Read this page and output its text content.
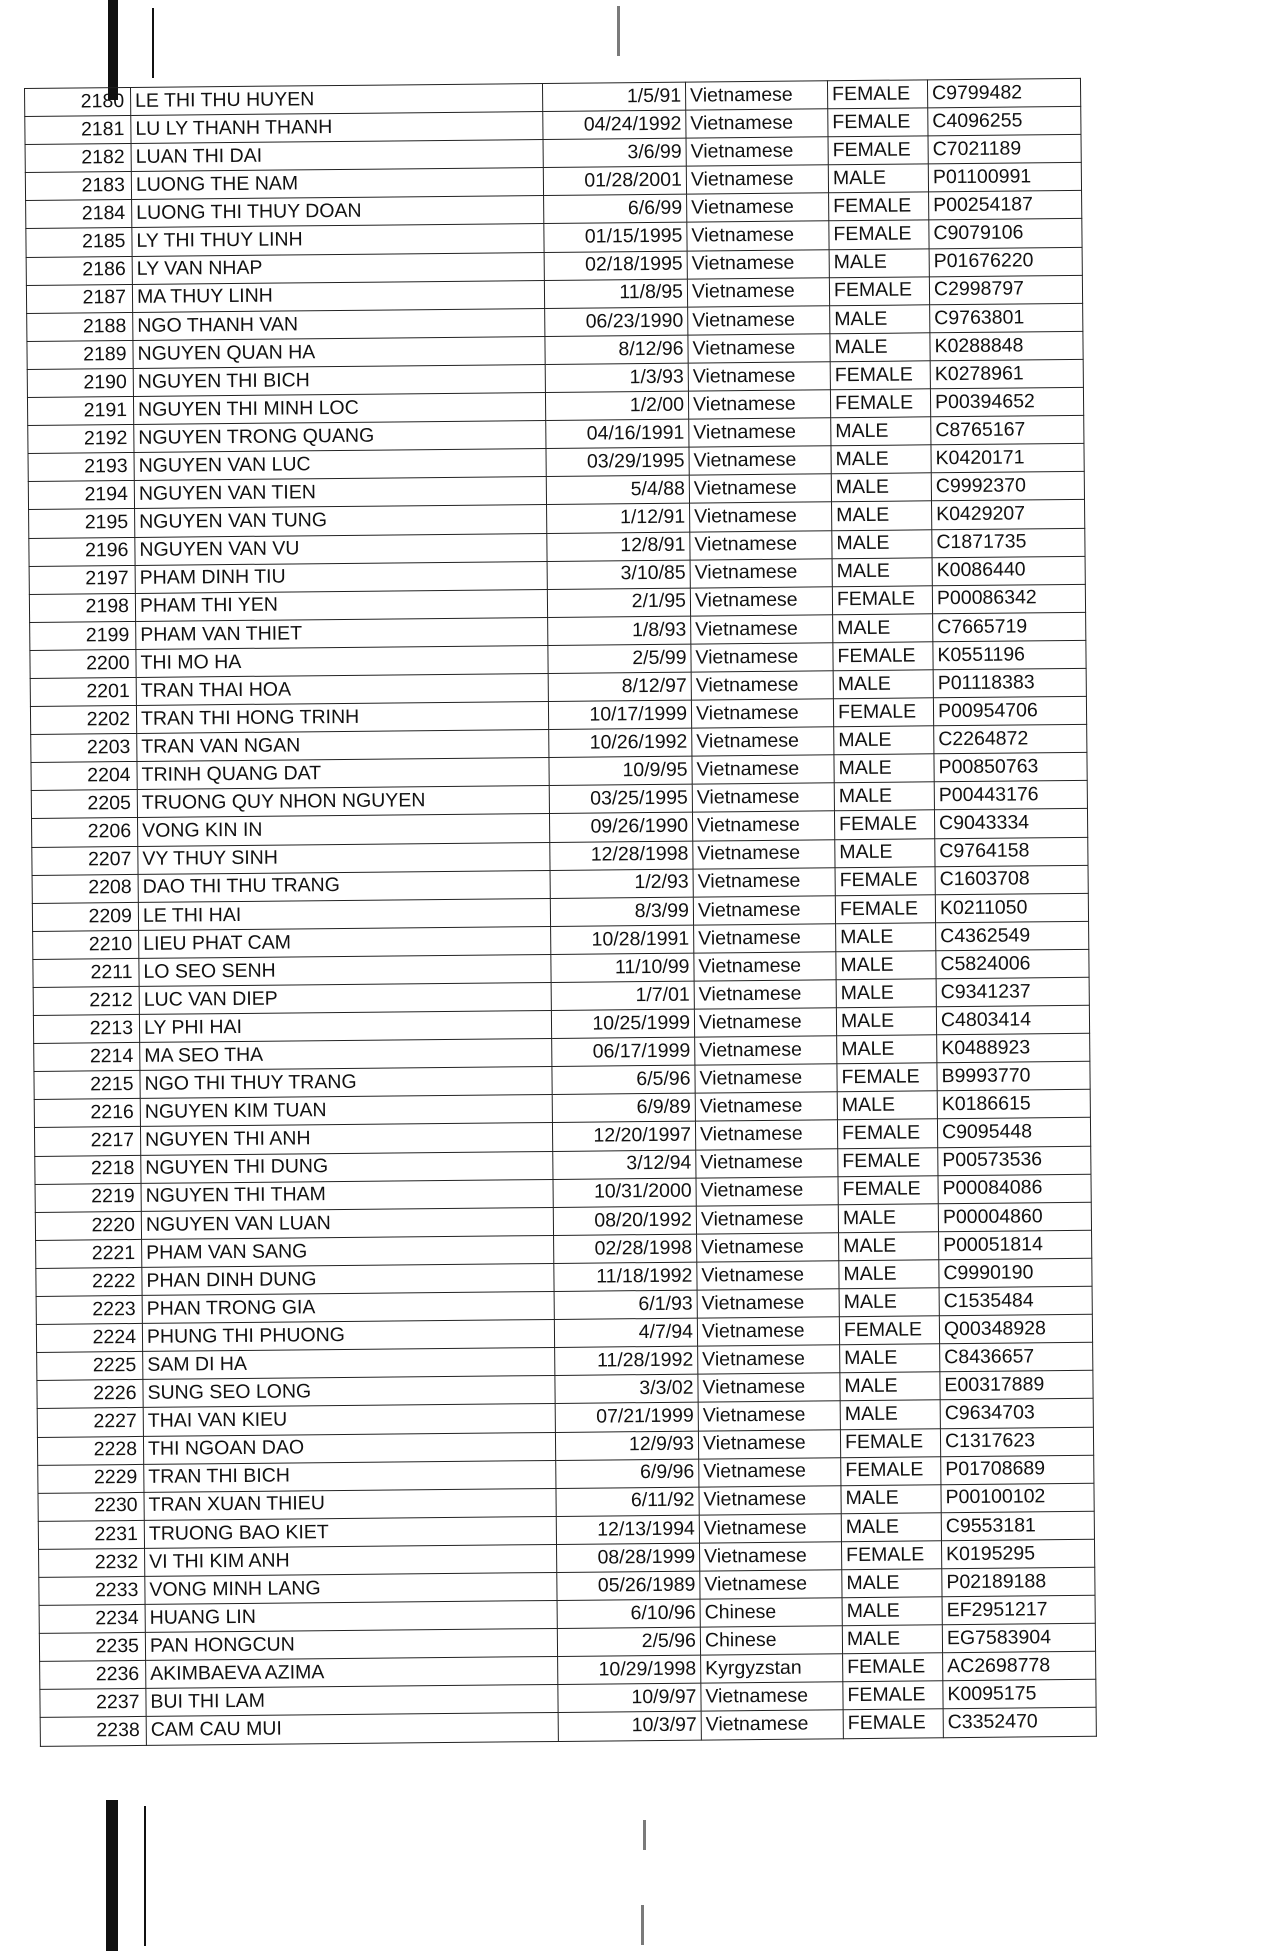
2180	LE THI THU HUYEN	1/5/91	Vietnamese	FEMALE	C9799482
2181	LU LY THANH THANH	04/24/1992	Vietnamese	FEMALE	C4096255
2182	LUAN THI DAI	3/6/99	Vietnamese	FEMALE	C7021189
2183	LUONG THE NAM	01/28/2001	Vietnamese	MALE	P01100991
2184	LUONG THI THUY DOAN	6/6/99	Vietnamese	FEMALE	P00254187
2185	LY THI THUY LINH	01/15/1995	Vietnamese	FEMALE	C9079106
2186	LY VAN NHAP	02/18/1995	Vietnamese	MALE	P01676220
2187	MA THUY LINH	11/8/95	Vietnamese	FEMALE	C2998797
2188	NGO THANH VAN	06/23/1990	Vietnamese	MALE	C9763801
2189	NGUYEN QUAN HA	8/12/96	Vietnamese	MALE	K0288848
2190	NGUYEN THI BICH	1/3/93	Vietnamese	FEMALE	K0278961
2191	NGUYEN THI MINH LOC	1/2/00	Vietnamese	FEMALE	P00394652
2192	NGUYEN TRONG QUANG	04/16/1991	Vietnamese	MALE	C8765167
2193	NGUYEN VAN LUC	03/29/1995	Vietnamese	MALE	K0420171
2194	NGUYEN VAN TIEN	5/4/88	Vietnamese	MALE	C9992370
2195	NGUYEN VAN TUNG	1/12/91	Vietnamese	MALE	K0429207
2196	NGUYEN VAN VU	12/8/91	Vietnamese	MALE	C1871735
2197	PHAM DINH TIU	3/10/85	Vietnamese	MALE	K0086440
2198	PHAM THI YEN	2/1/95	Vietnamese	FEMALE	P00086342
2199	PHAM VAN THIET	1/8/93	Vietnamese	MALE	C7665719
2200	THI MO HA	2/5/99	Vietnamese	FEMALE	K0551196
2201	TRAN THAI HOA	8/12/97	Vietnamese	MALE	P01118383
2202	TRAN THI HONG TRINH	10/17/1999	Vietnamese	FEMALE	P00954706
2203	TRAN VAN NGAN	10/26/1992	Vietnamese	MALE	C2264872
2204	TRINH QUANG DAT	10/9/95	Vietnamese	MALE	P00850763
2205	TRUONG QUY NHON NGUYEN	03/25/1995	Vietnamese	MALE	P00443176
2206	VONG KIN IN	09/26/1990	Vietnamese	FEMALE	C9043334
2207	VY THUY SINH	12/28/1998	Vietnamese	MALE	C9764158
2208	DAO THI THU TRANG	1/2/93	Vietnamese	FEMALE	C1603708
2209	LE THI HAI	8/3/99	Vietnamese	FEMALE	K0211050
2210	LIEU PHAT CAM	10/28/1991	Vietnamese	MALE	C4362549
2211	LO SEO SENH	11/10/99	Vietnamese	MALE	C5824006
2212	LUC VAN DIEP	1/7/01	Vietnamese	MALE	C9341237
2213	LY PHI HAI	10/25/1999	Vietnamese	MALE	C4803414
2214	MA SEO THA	06/17/1999	Vietnamese	MALE	K0488923
2215	NGO THI THUY TRANG	6/5/96	Vietnamese	FEMALE	B9993770
2216	NGUYEN KIM TUAN	6/9/89	Vietnamese	MALE	K0186615
2217	NGUYEN THI ANH	12/20/1997	Vietnamese	FEMALE	C9095448
2218	NGUYEN THI DUNG	3/12/94	Vietnamese	FEMALE	P00573536
2219	NGUYEN THI THAM	10/31/2000	Vietnamese	FEMALE	P00084086
2220	NGUYEN VAN LUAN	08/20/1992	Vietnamese	MALE	P00004860
2221	PHAM VAN SANG	02/28/1998	Vietnamese	MALE	P00051814
2222	PHAN DINH DUNG	11/18/1992	Vietnamese	MALE	C9990190
2223	PHAN TRONG GIA	6/1/93	Vietnamese	MALE	C1535484
2224	PHUNG THI PHUONG	4/7/94	Vietnamese	FEMALE	Q00348928
2225	SAM DI HA	11/28/1992	Vietnamese	MALE	C8436657
2226	SUNG SEO LONG	3/3/02	Vietnamese	MALE	E00317889
2227	THAI VAN KIEU	07/21/1999	Vietnamese	MALE	C9634703
2228	THI NGOAN DAO	12/9/93	Vietnamese	FEMALE	C1317623
2229	TRAN THI BICH	6/9/96	Vietnamese	FEMALE	P01708689
2230	TRAN XUAN THIEU	6/11/92	Vietnamese	MALE	P00100102
2231	TRUONG BAO KIET	12/13/1994	Vietnamese	MALE	C9553181
2232	VI THI KIM ANH	08/28/1999	Vietnamese	FEMALE	K0195295
2233	VONG MINH LANG	05/26/1989	Vietnamese	MALE	P02189188
2234	HUANG LIN	6/10/96	Chinese	MALE	EF2951217
2235	PAN HONGCUN	2/5/96	Chinese	MALE	EG7583904
2236	AKIMBAEVA AZIMA	10/29/1998	Kyrgyzstan	FEMALE	AC2698778
2237	BUI THI LAM	10/9/97	Vietnamese	FEMALE	K0095175
2238	CAM CAU MUI	10/3/97	Vietnamese	FEMALE	C3352470
